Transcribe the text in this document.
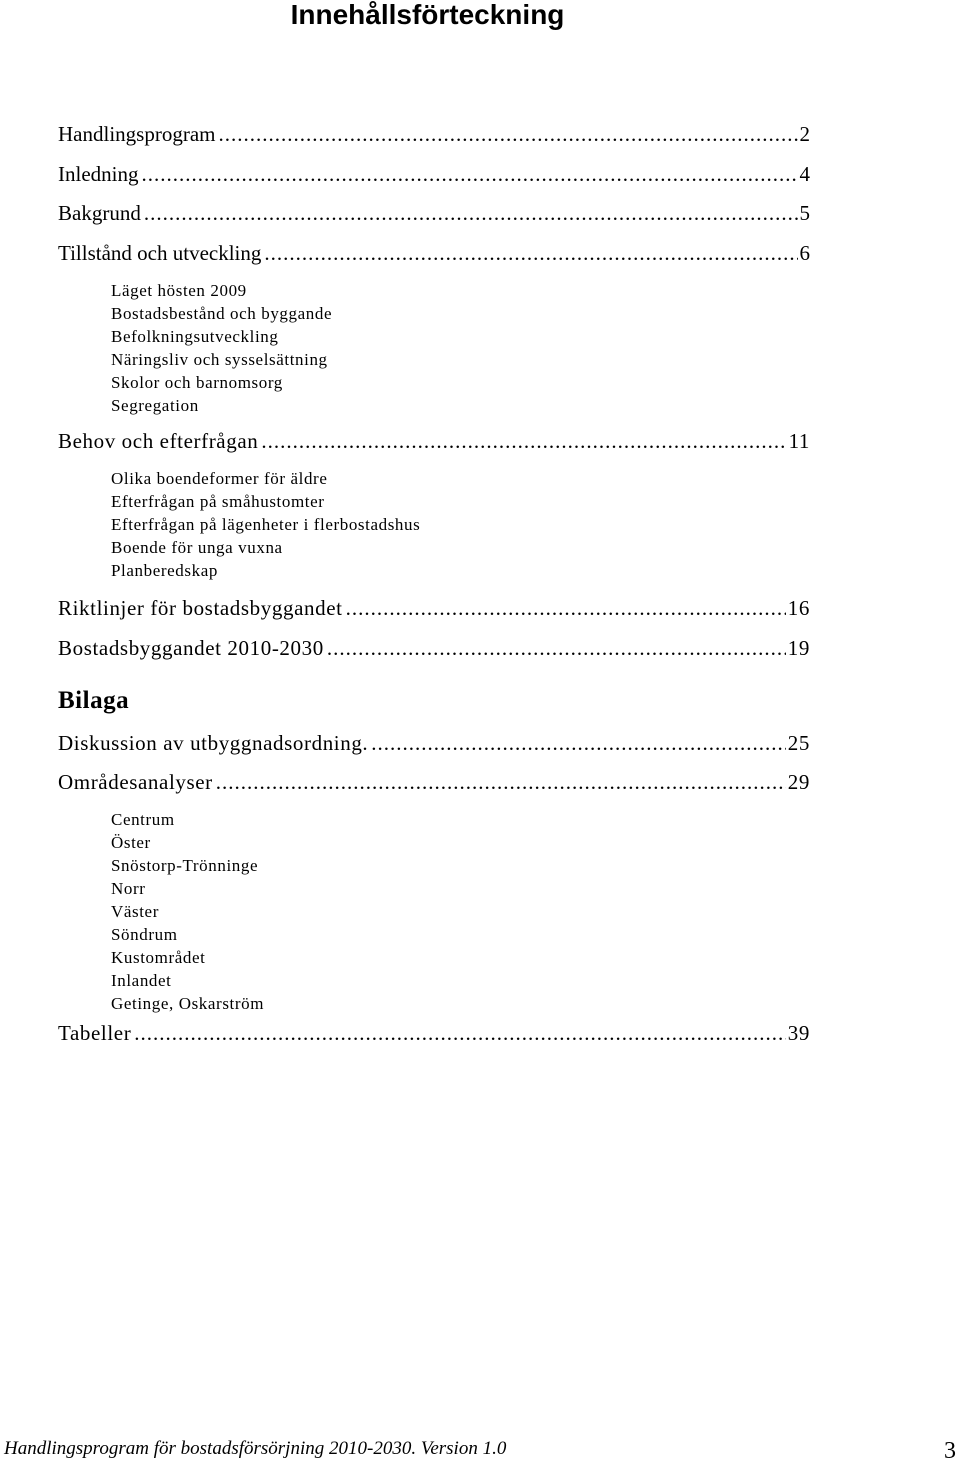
Innehållsförteckning
Handlingsprogram .....	2
Inledning .....	4
Bakgrund .....	5
Tillstånd och utveckling .....	6
Läget hösten 2009
Bostadsbestånd och byggande
Befolkningsutveckling
Näringsliv och sysselsättning
Skolor och barnomsorg
Segregation
Behov och efterfrågan .....	11
Olika boendeformer för äldre
Efterfrågan på småhustomter
Efterfrågan på lägenheter i flerbostadshus
Boende för unga vuxna
Planberedskap
Riktlinjer för bostadsbyggandet .....	16
Bostadsbyggandet 2010-2030 .....	19
Bilaga
Diskussion av utbyggnadsordning. .....	25
Områdesanalyser .....	29
Centrum
Öster
Snöstorp-Trönninge
Norr
Väster
Söndrum
Kustområdet
Inlandet
Getinge, Oskarström
Tabeller .....	39
Handlingsprogram för bostadsförsörjning 2010-2030. Version 1.0	3
